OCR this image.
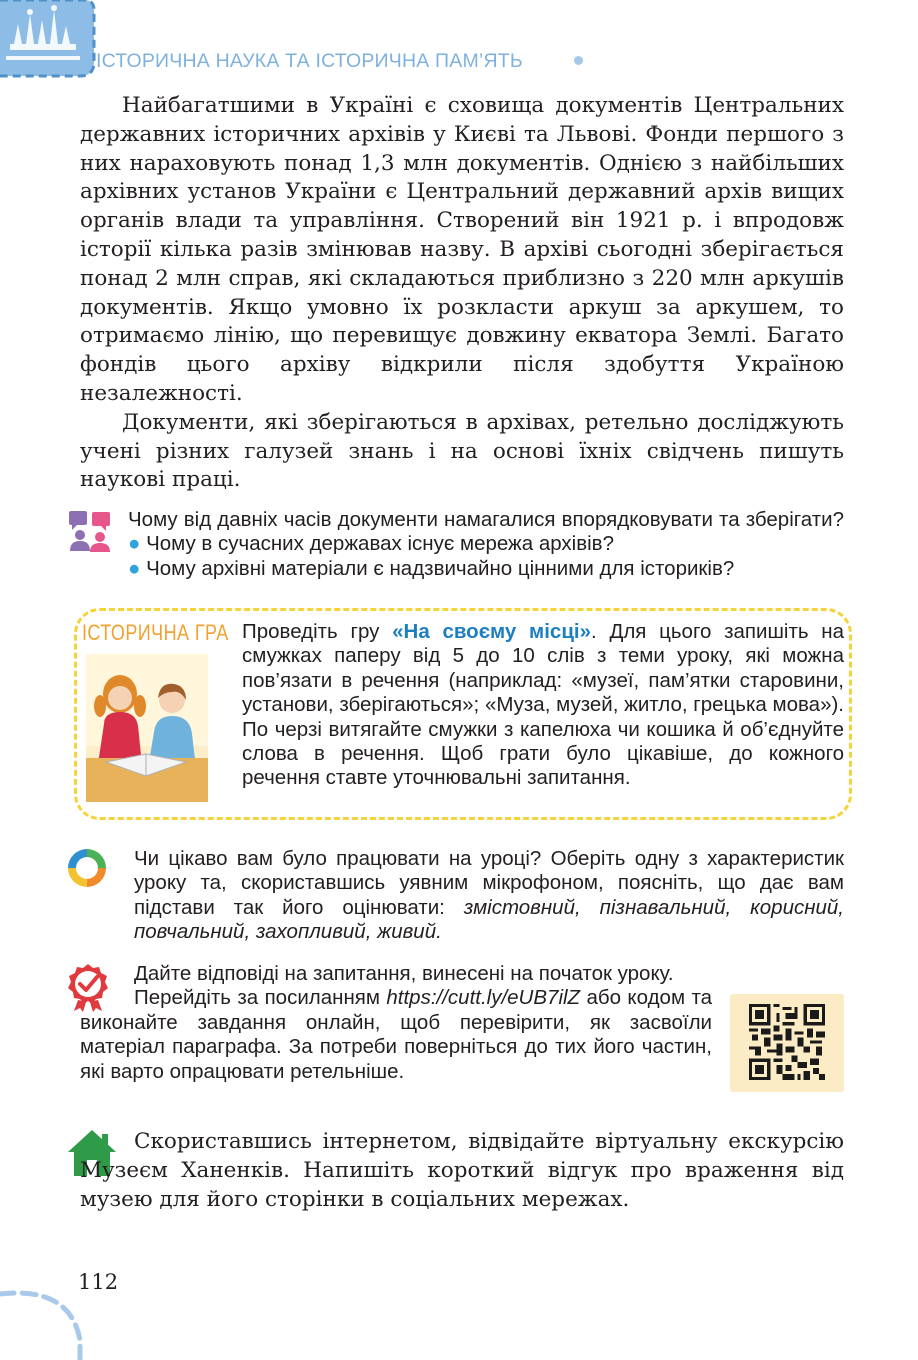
ІСТОРИЧНА НАУКА ТА ІСТОРИЧНА ПАМ’ЯТЬ

Найбагатшими в Україні є сховища документів Центральних державних історичних архівів у Києві та Львові. Фонди першого з них нараховують понад 1,3 млн документів. Однією з найбільших архівних установ України є Центральний державний архів вищих органів влади та управління. Створений він 1921 р. і впродовж історії кілька разів змінював назву. В архіві сьогодні зберігається понад 2 млн справ, які складаються приблизно з 220 млн аркушів документів. Якщо умовно їх розкласти аркуш за аркушем, то отримаємо лінію, що перевищує довжину екватора Землі. Багато фондів цього архіву відкрили після здобуття Україною незалежності.

Документи, які зберігаються в архівах, ретельно досліджують учені різних галузей знань і на основі їхніх свідчень пишуть наукові праці.

Чому від давніх часів документи намагалися впорядковувати та зберігати? ● Чому в сучасних державах існує мережа архівів?
● Чому архівні матеріали є надзвичайно цінними для істориків?
ІСТОРИЧНА ГРА Проведіть гру «На своєму місці». Для цього запишіть на смужках паперу від 5 до 10 слів з теми уроку, які можна пов’язати в речення (наприклад: «музеї, пам’ятки старовини, установи, зберігаються»; «Муза, музей, житло, грецька мова»). По черзі витягайте смужки з капелюха чи кошика й об’єднуйте слова в речення. Щоб грати було цікавіше, до кожного речення ставте уточнювальні запитання.
Чи цікаво вам було працювати на уроці? Оберіть одну з характеристик уроку та, скориставшись уявним мікрофоном, поясніть, що дає вам підстави так його оцінювати: змістовний, пізнавальний, корисний, повчальний, захопливий, живий.

Дайте відповіді на запитання, винесені на початок уроку.

Перейдіть за посиланням https://cutt.ly/eUB7ilZ або кодом та виконайте завдання онлайн, щоб перевірити, як засвоїли матеріал параграфа. За потреби поверніться до тих його частин, які варто опрацювати ретельніше.

Скориставшись інтернетом, відвідайте віртуальну екскурсію Музеєм Ханенків. Напишіть короткий відгук про враження від музею для його сторінки в соціальних мережах.

112
